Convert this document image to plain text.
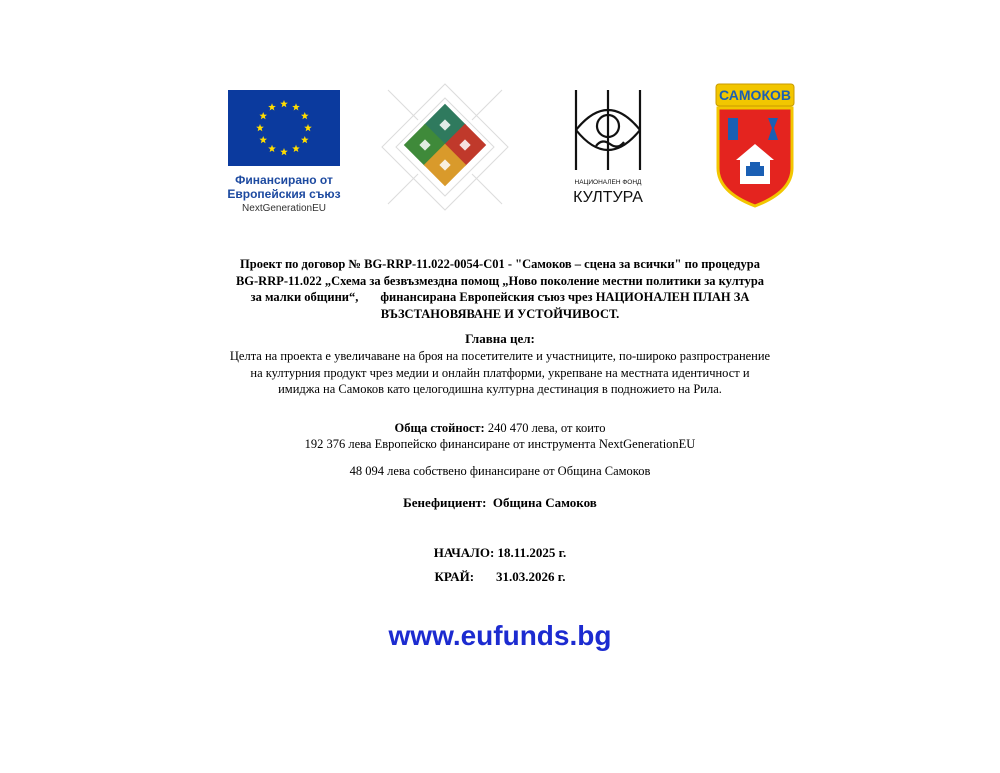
Финансирано от
Европейския съюз
NextGenerationEU
НАЦИОНАЛЕН ФОНД
КУЛТУРА
САМОКОВ
Проект по договор № BG-RRP-11.022-0054-C01 - "Самоков – сцена за всички" по процедура
BG-RRP-11.022 „Схема за безвъзмездна помощ „Ново поколение местни политики за култура
за малки общини“, финансирана Европейския съюз чрез НАЦИОНАЛЕН ПЛАН ЗА
ВЪЗСТАНОВЯВАНЕ И УСТОЙЧИВОСТ.
Главна цел:
Целта на проекта е увеличаване на броя на посетителите и участниците, по-широко разпространение
на културния продукт чрез медии и онлайн платформи, укрепване на местната идентичност и
имиджа на Самоков като целогодишна културна дестинация в подножието на Рила.
Обща стойност: 240 470 лева, от които
192 376 лева Европейско финансиране от инструмента NextGenerationEU
48 094 лева собствено финансиране от Община Самоков
Бенефициент:  Община Самоков
НАЧАЛО: 18.11.2025 г.
КРАЙ: 31.03.2026 г.
www.eufunds.bg
